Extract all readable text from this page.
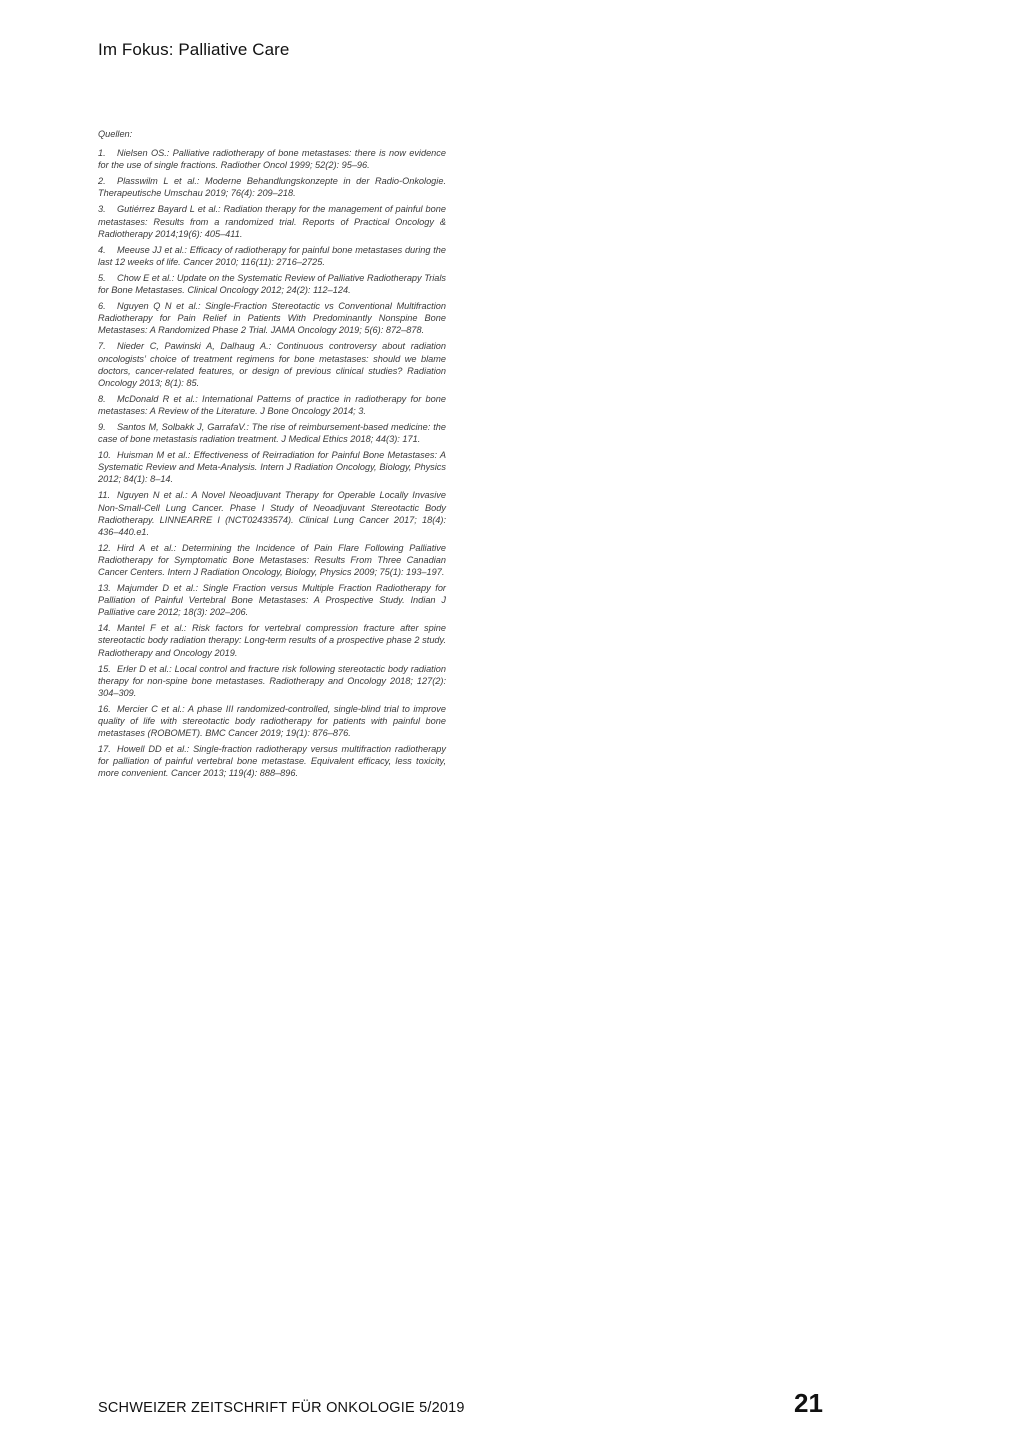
Im Fokus: Palliative Care
Quellen:
1. Nielsen OS.: Palliative radiotherapy of bone metastases: there is now evidence for the use of single fractions. Radiother Oncol 1999; 52(2): 95–96.
2. Plasswilm L et al.: Moderne Behandlungskonzepte in der Radio-Onkologie. Therapeutische Umschau 2019; 76(4): 209–218.
3. Gutiérrez Bayard L et al.: Radiation therapy for the management of painful bone metastases: Results from a randomized trial. Reports of Practical Oncology & Radiotherapy 2014;19(6): 405–411.
4. Meeuse JJ et al.: Efficacy of radiotherapy for painful bone metastases during the last 12 weeks of life. Cancer 2010; 116(11): 2716–2725.
5. Chow E et al.: Update on the Systematic Review of Palliative Radiotherapy Trials for Bone Metastases. Clinical Oncology 2012; 24(2): 112–124.
6. Nguyen Q N et al.: Single-Fraction Stereotactic vs Conventional Multifraction Radiotherapy for Pain Relief in Patients With Predominantly Nonspine Bone Metastases: A Randomized Phase 2 Trial. JAMA Oncology 2019; 5(6): 872–878.
7. Nieder C, Pawinski A, Dalhaug A.: Continuous controversy about radiation oncologists’ choice of treatment regimens for bone metastases: should we blame doctors, cancer-related features, or design of previous clinical studies? Radiation Oncology 2013; 8(1): 85.
8. McDonald R et al.: International Patterns of practice in radiotherapy for bone metastases: A Review of the Literature. J Bone Oncology 2014; 3.
9. Santos M, Solbakk J, GarrafaV.: The rise of reimbursement-based medicine: the case of bone metastasis radiation treatment. J Medical Ethics 2018; 44(3): 171.
10. Huisman M et al.: Effectiveness of Reirradiation for Painful Bone Metastases: A Systematic Review and Meta-Analysis. Intern J Radiation Oncology, Biology, Physics 2012; 84(1): 8–14.
11. Nguyen N et al.: A Novel Neoadjuvant Therapy for Operable Locally Invasive Non-Small-Cell Lung Cancer. Phase I Study of Neoadjuvant Stereotactic Body Radiotherapy. LINNEARRE I (NCT02433574). Clinical Lung Cancer 2017; 18(4): 436–440.e1.
12. Hird A et al.: Determining the Incidence of Pain Flare Following Palliative Radiotherapy for Symptomatic Bone Metastases: Results From Three Canadian Cancer Centers. Intern J Radiation Oncology, Biology, Physics 2009; 75(1): 193–197.
13. Majumder D et al.: Single Fraction versus Multiple Fraction Radiotherapy for Palliation of Painful Vertebral Bone Metastases: A Prospective Study. Indian J Palliative care 2012; 18(3): 202–206.
14. Mantel F et al.: Risk factors for vertebral compression fracture after spine stereotactic body radiation therapy: Long-term results of a prospective phase 2 study. Radiotherapy and Oncology 2019.
15. Erler D et al.: Local control and fracture risk following stereotactic body radiation therapy for non-spine bone metastases. Radiotherapy and Oncology 2018; 127(2): 304–309.
16. Mercier C et al.: A phase III randomized-controlled, single-blind trial to improve quality of life with stereotactic body radiotherapy for patients with painful bone metastases (ROBOMET). BMC Cancer 2019; 19(1): 876–876.
17. Howell DD et al.: Single-fraction radiotherapy versus multifraction radiotherapy for palliation of painful vertebral bone metastase. Equivalent efficacy, less toxicity, more convenient. Cancer 2013; 119(4): 888–896.
SCHWEIZER ZEITSCHRIFT FÜR ONKOLOGIE 5/2019	21
